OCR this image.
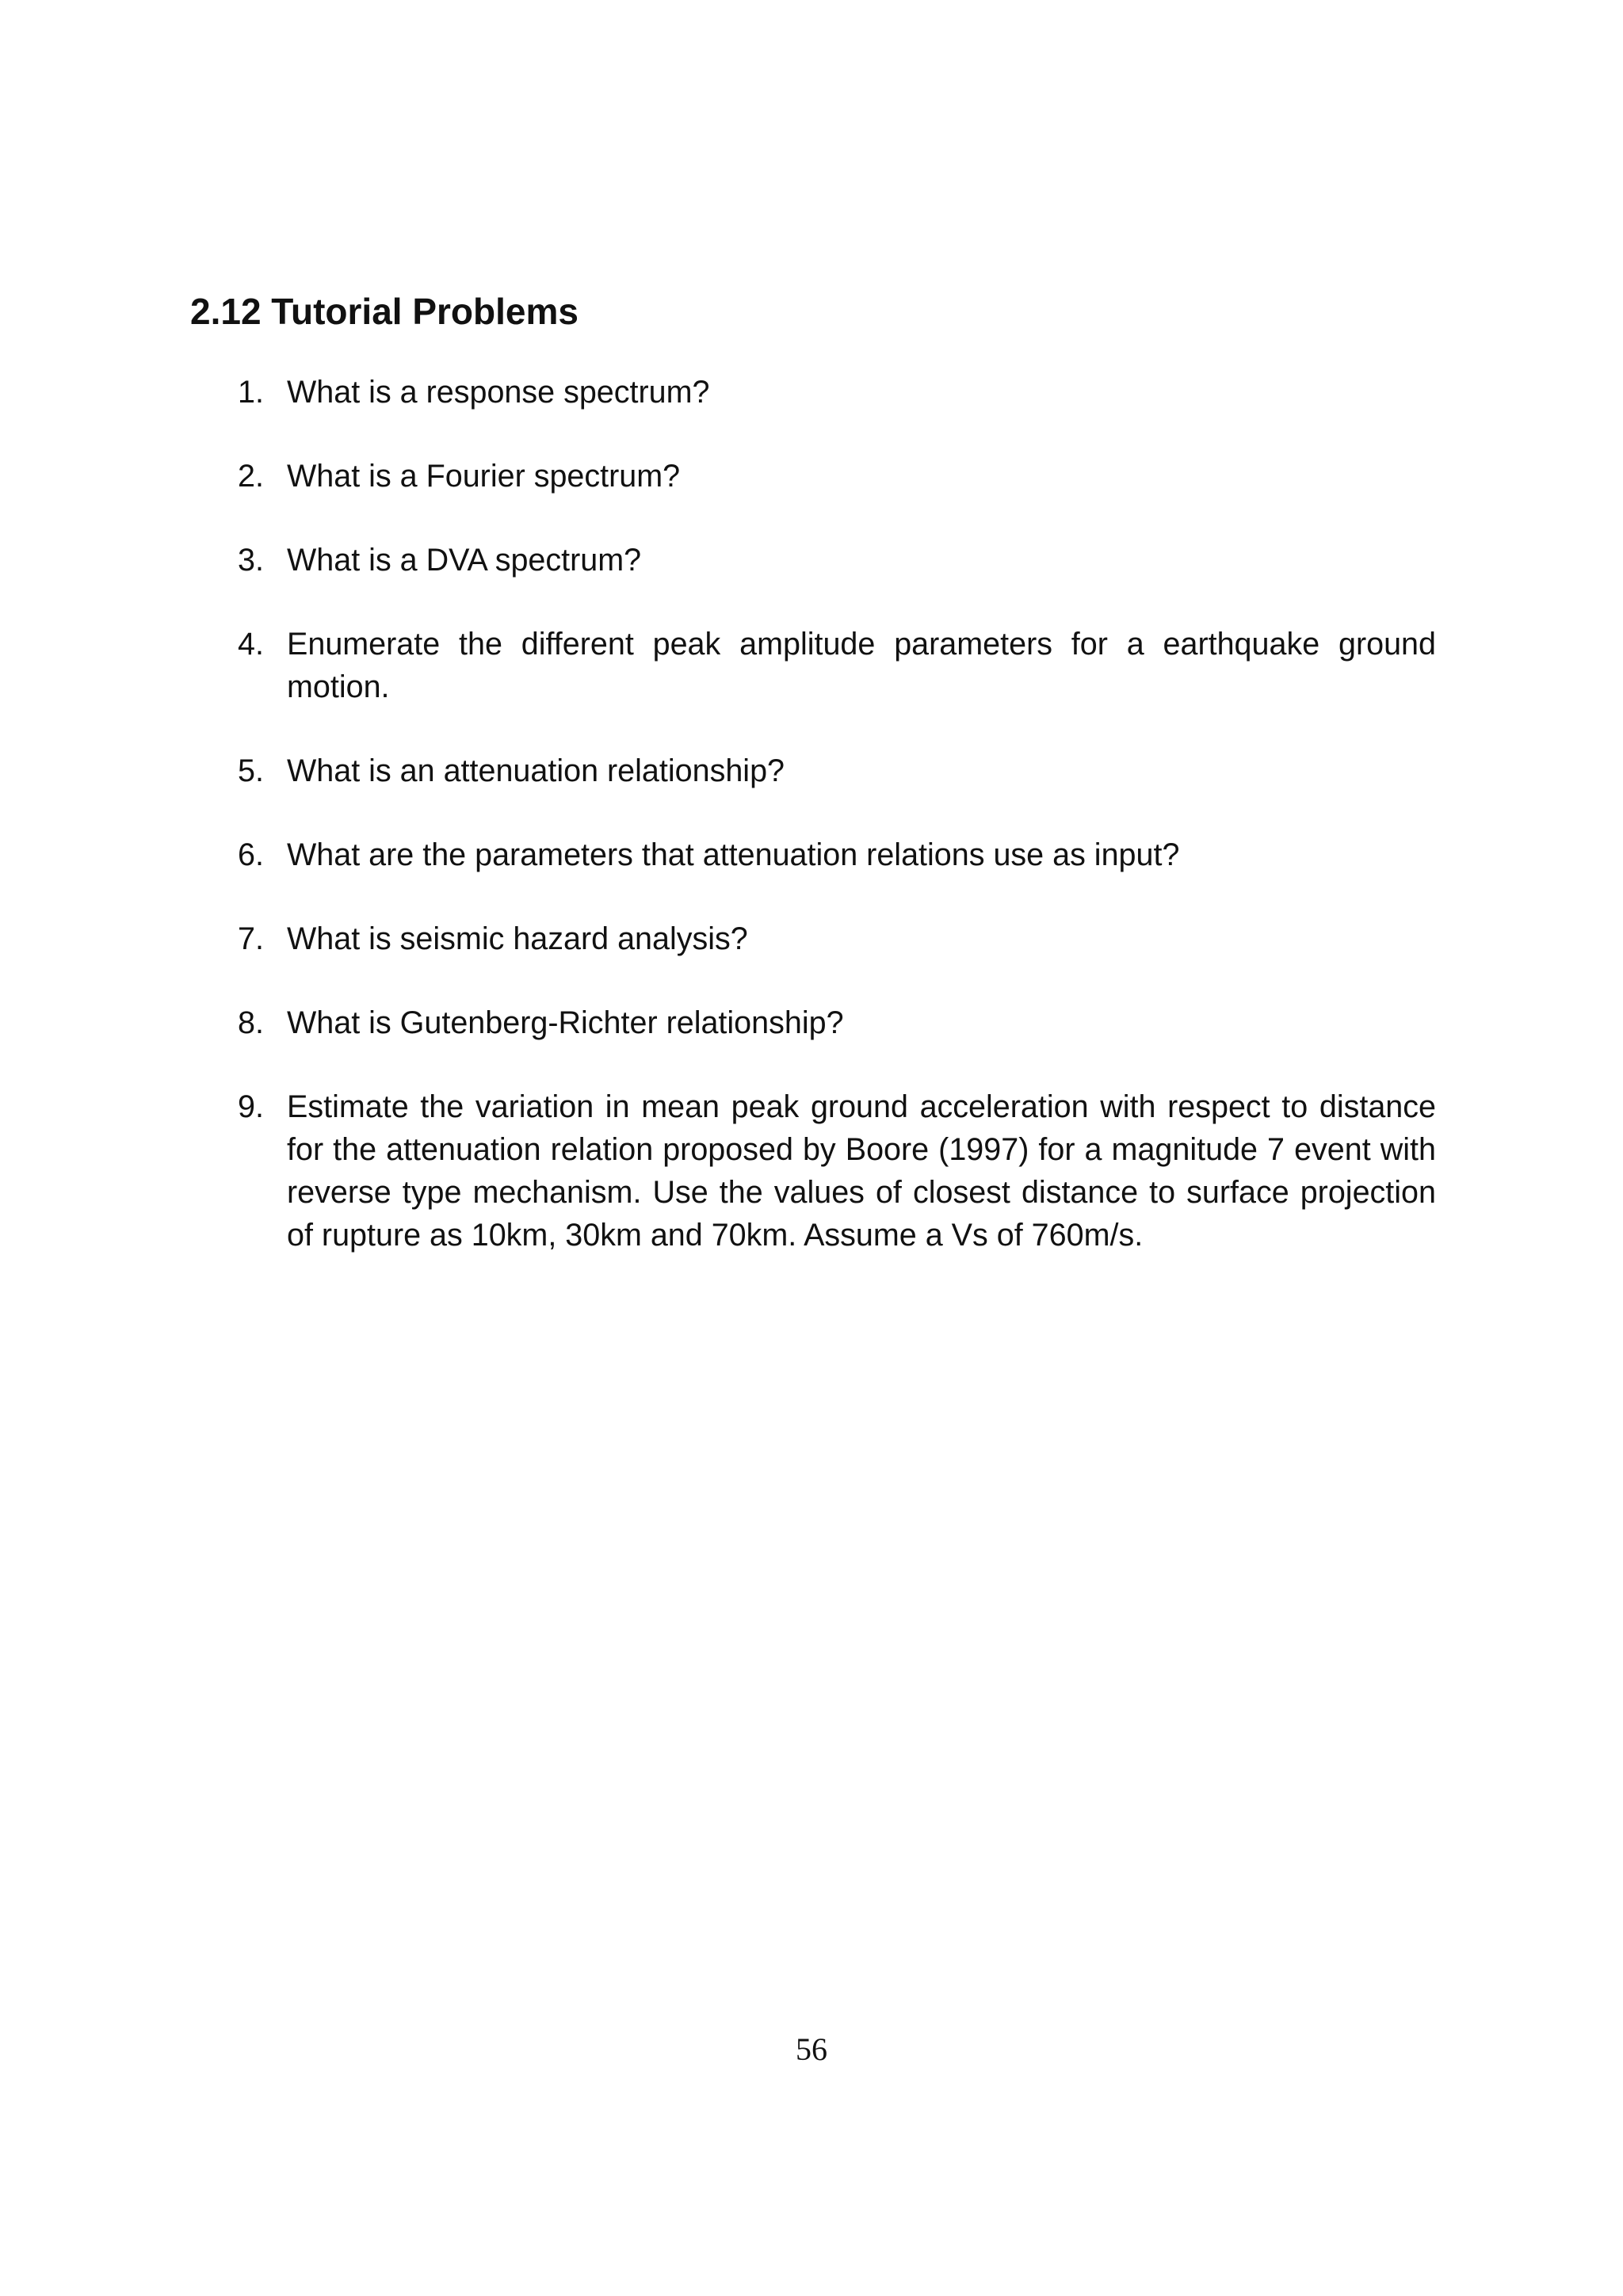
2.12 Tutorial Problems
1. What is a response spectrum?
2. What is a Fourier spectrum?
3. What is a DVA spectrum?
4. Enumerate the different peak amplitude parameters for a earthquake ground motion.
5. What is an attenuation relationship?
6. What are the parameters that attenuation relations use as input?
7. What is seismic hazard analysis?
8. What is Gutenberg-Richter relationship?
9. Estimate the variation in mean peak ground acceleration with respect to distance for the attenuation relation proposed by Boore (1997) for a magnitude 7 event with reverse type mechanism. Use the values of closest distance to surface projection of rupture as 10km, 30km and 70km. Assume a Vs of 760m/s.
56
